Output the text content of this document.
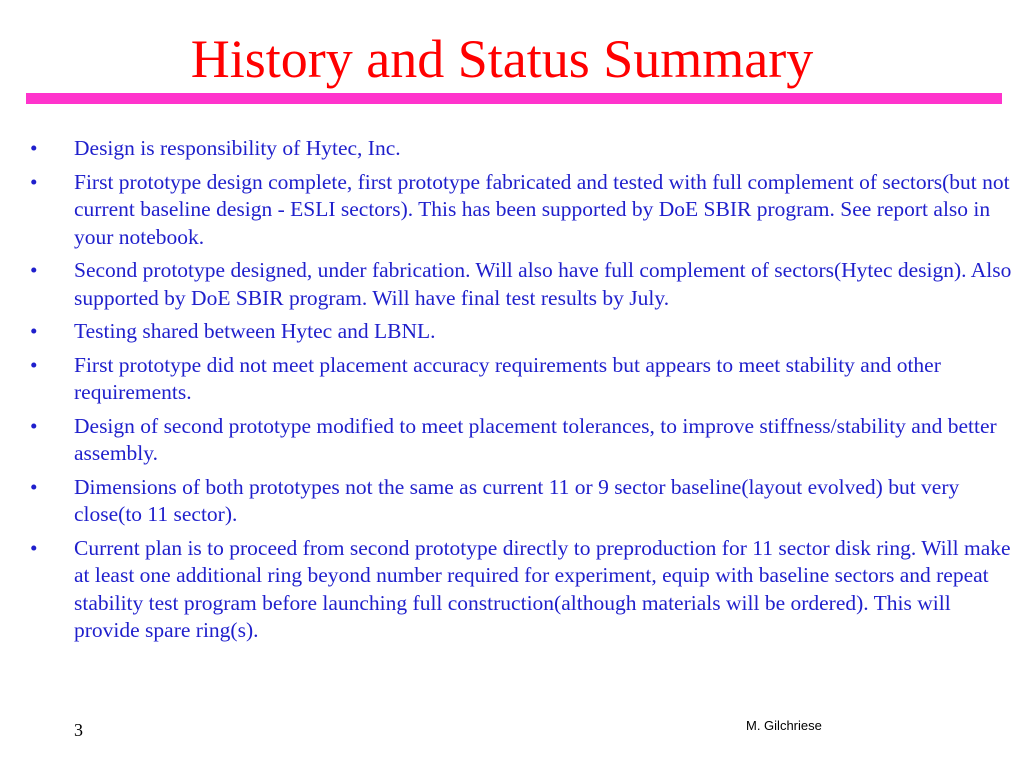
History and Status Summary
•	Design is responsibility of Hytec, Inc.
•	First prototype design complete, first prototype fabricated and tested with full complement of sectors(but not current baseline design - ESLI sectors). This has been supported by DoE SBIR program. See report also in your notebook.
•	Second prototype designed, under fabrication. Will also have full complement of sectors(Hytec design). Also supported by DoE SBIR program. Will have final test results by July.
•	Testing shared between Hytec and LBNL.
•	First prototype did not meet placement accuracy requirements but appears to meet stability and other requirements.
•	Design of second prototype modified to meet placement tolerances, to improve stiffness/stability and better assembly.
•	Dimensions of both prototypes not the same as current 11 or 9 sector baseline(layout evolved) but very close(to 11 sector).
•	Current plan is to proceed from second prototype directly to preproduction for 11 sector disk ring. Will make at least one additional ring beyond number required for experiment, equip with baseline sectors and repeat stability test program before launching full construction(although materials will be ordered). This will provide spare ring(s).
3	M. Gilchriese
